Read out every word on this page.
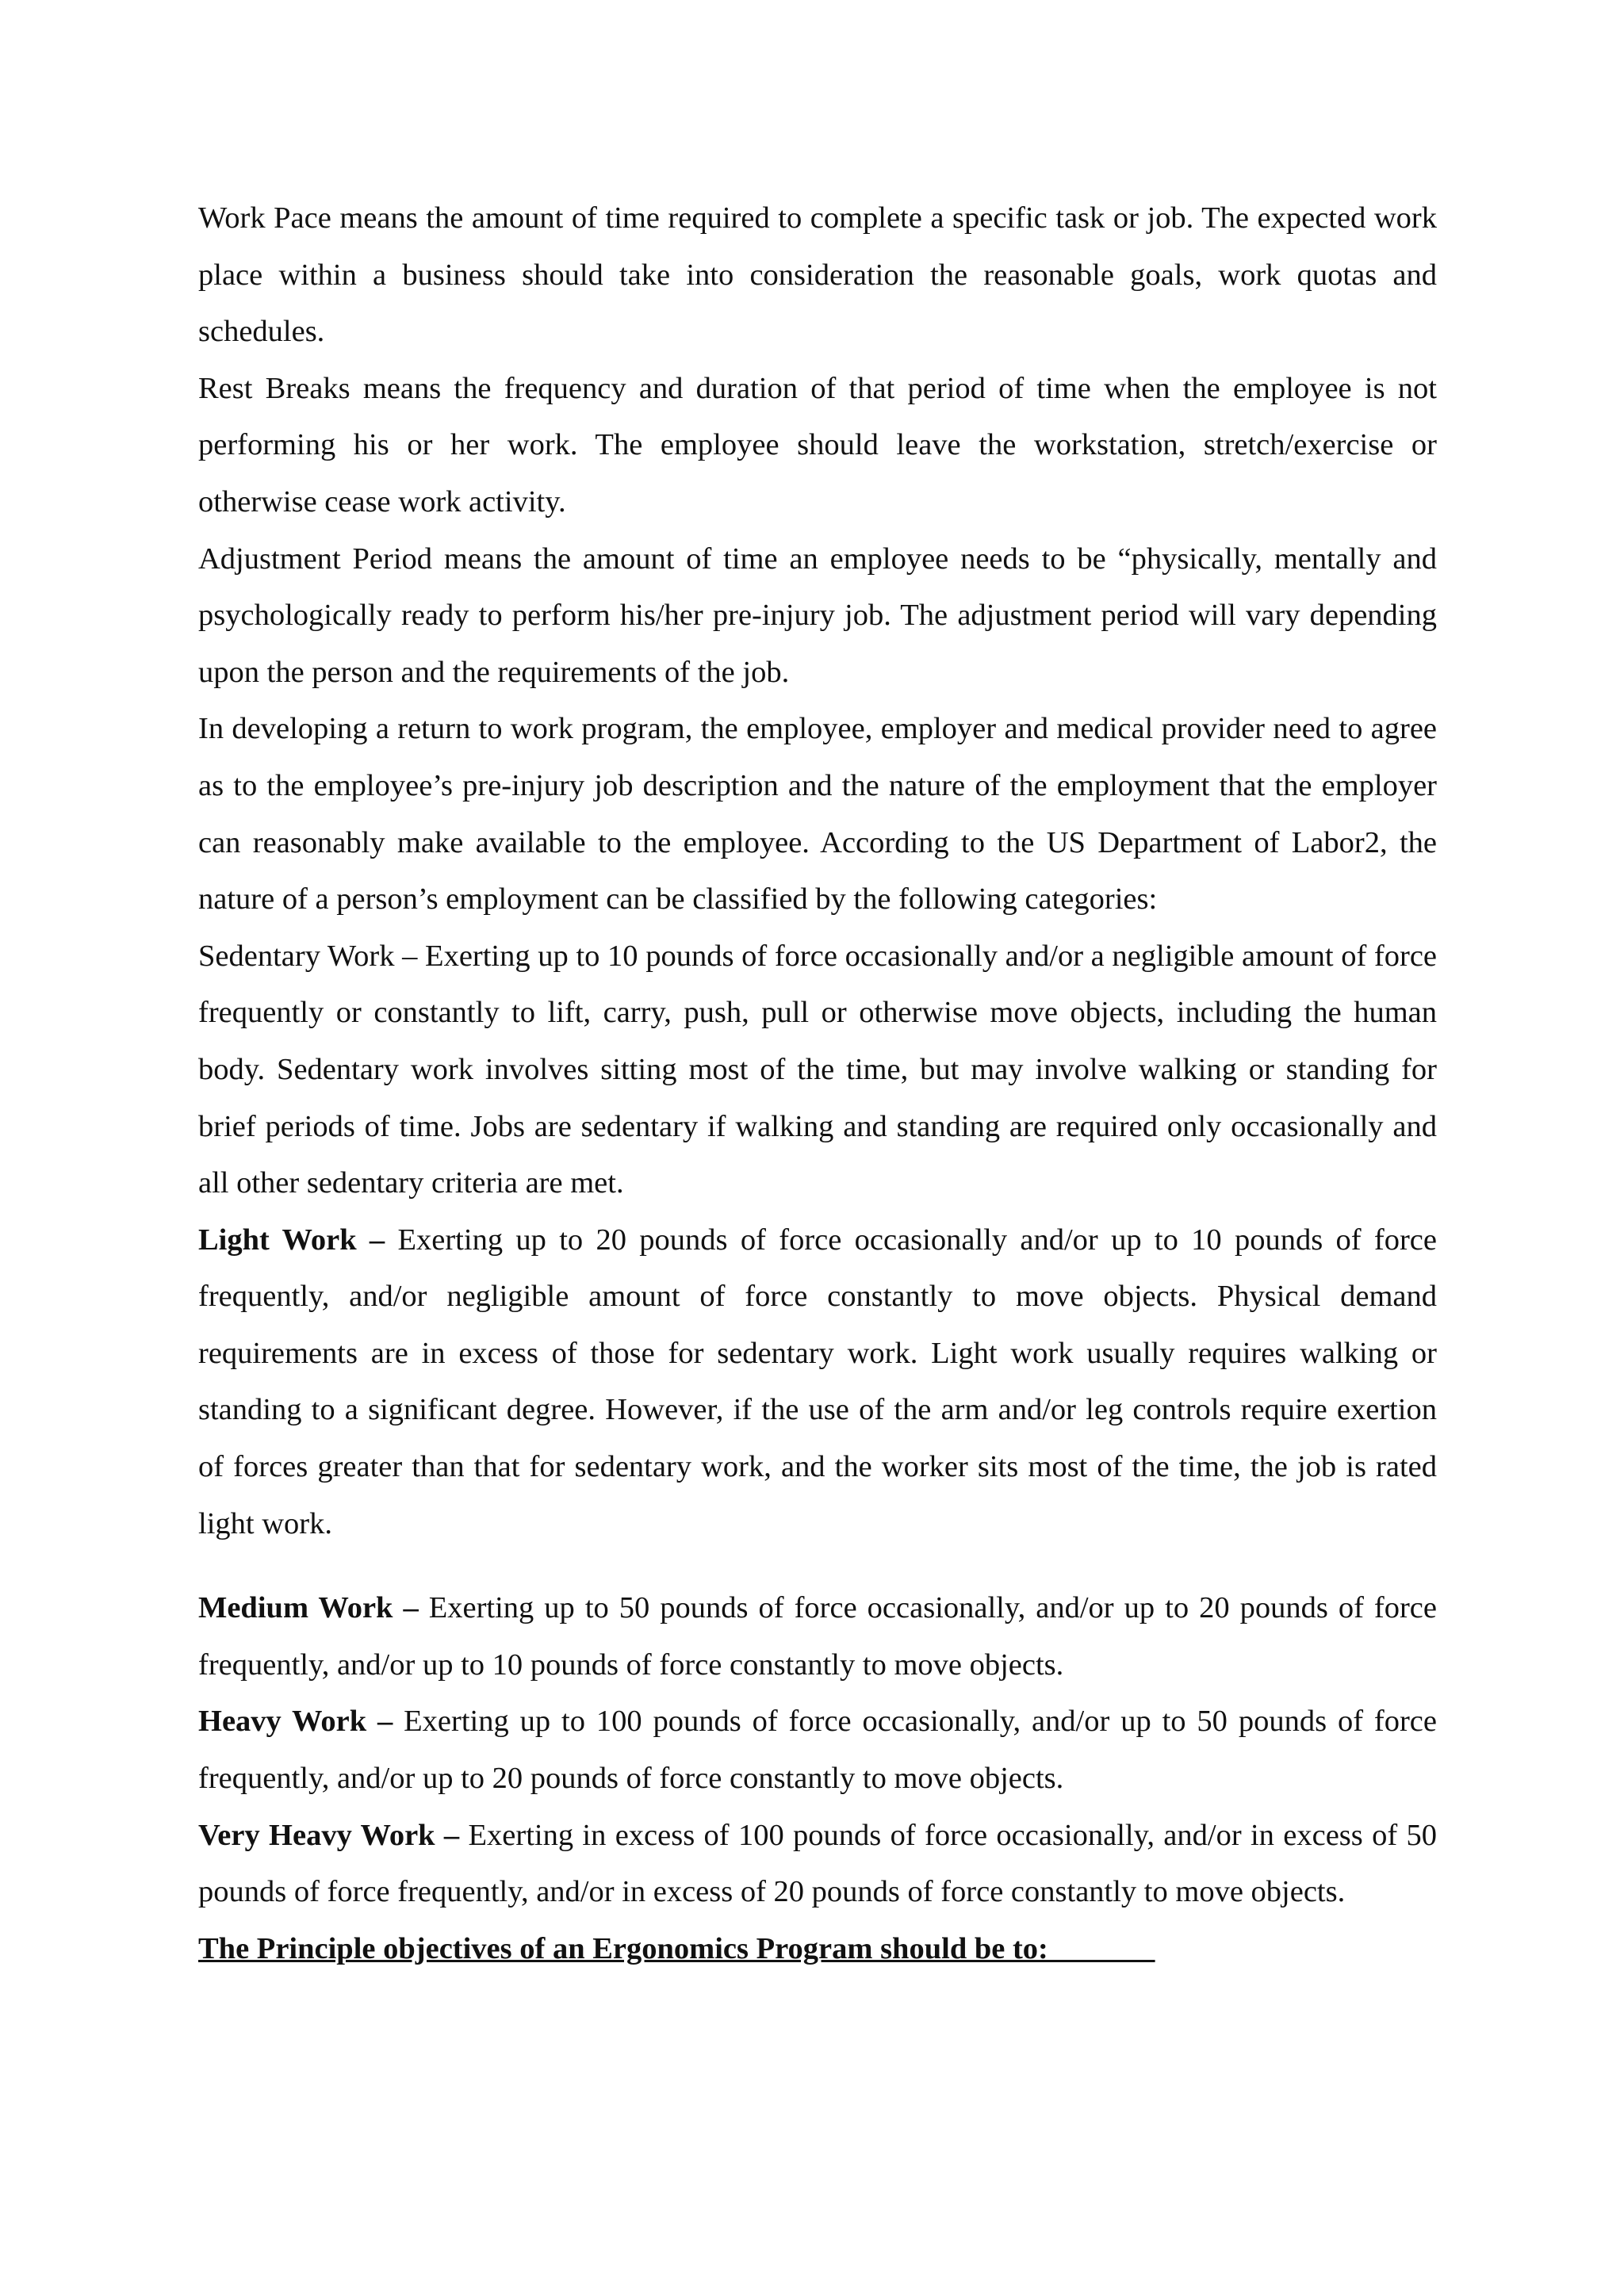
Work Pace means the amount of time required to complete a specific task or job. The expected work place within a business should take into consideration the reasonable goals, work quotas and schedules.

Rest Breaks means the frequency and duration of that period of time when the employee is not performing his or her work. The employee should leave the workstation, stretch/exercise or otherwise cease work activity.

Adjustment Period means the amount of time an employee needs to be “physically, mentally and psychologically ready to perform his/her pre-injury job. The adjustment period will vary depending upon the person and the requirements of the job.

In developing a return to work program, the employee, employer and medical provider need to agree as to the employee’s pre-injury job description and the nature of the employment that the employer can reasonably make available to the employee. According to the US Department of Labor2, the nature of a person’s employment can be classified by the following categories:

Sedentary Work – Exerting up to 10 pounds of force occasionally and/or a negligible amount of force frequently or constantly to lift, carry, push, pull or otherwise move objects, including the human body. Sedentary work involves sitting most of the time, but may involve walking or standing for brief periods of time. Jobs are sedentary if walking and standing are required only occasionally and all other sedentary criteria are met.

Light Work – Exerting up to 20 pounds of force occasionally and/or up to 10 pounds of force frequently, and/or negligible amount of force constantly to move objects. Physical demand requirements are in excess of those for sedentary work. Light work usually requires walking or standing to a significant degree. However, if the use of the arm and/or leg controls require exertion of forces greater than that for sedentary work, and the worker sits most of the time, the job is rated light work.

Medium Work – Exerting up to 50 pounds of force occasionally, and/or up to 20 pounds of force frequently, and/or up to 10 pounds of force constantly to move objects.

Heavy Work – Exerting up to 100 pounds of force occasionally, and/or up to 50 pounds of force frequently, and/or up to 20 pounds of force constantly to move objects.

Very Heavy Work – Exerting in excess of 100 pounds of force occasionally, and/or in excess of 50 pounds of force frequently, and/or in excess of 20 pounds of force constantly to move objects.

The Principle objectives of an Ergonomics Program should be to:
